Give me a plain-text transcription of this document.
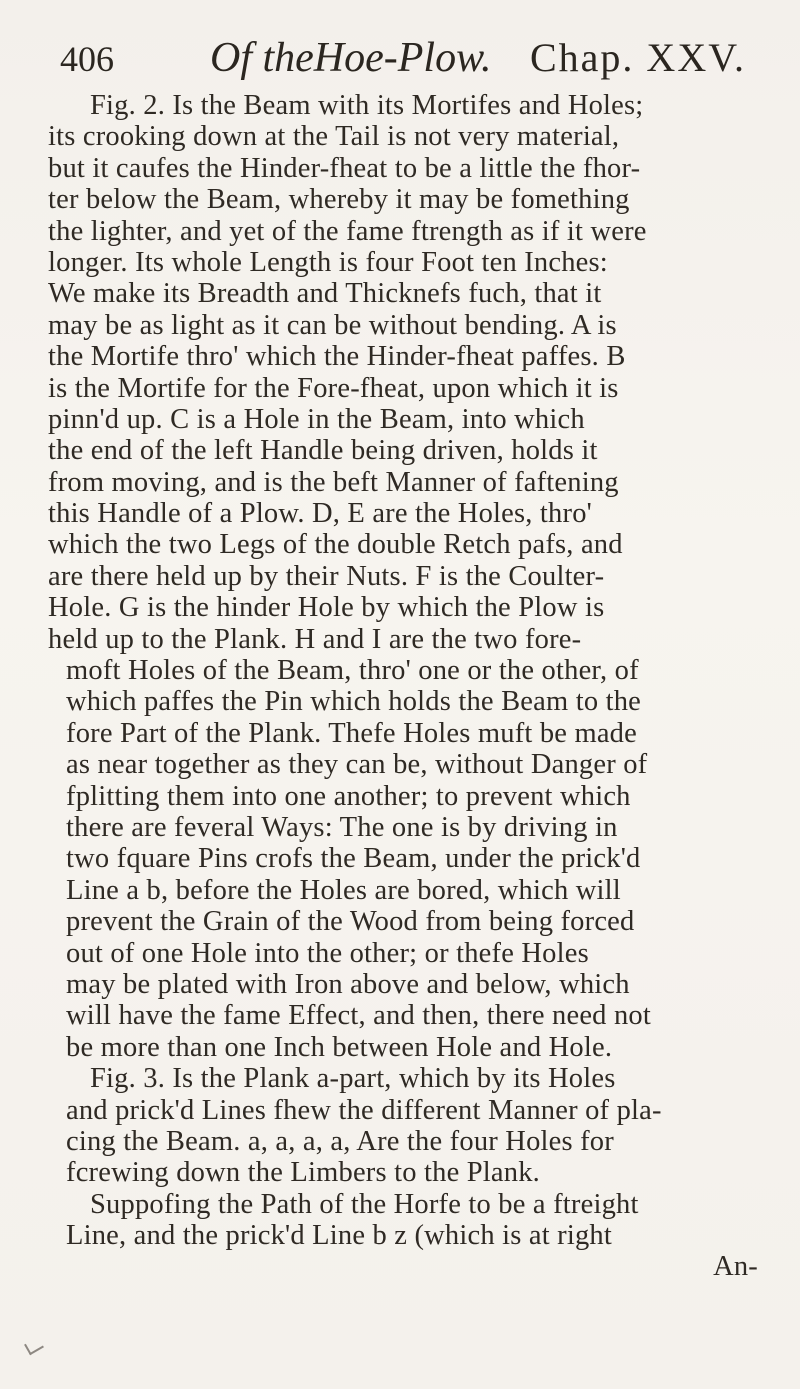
406 Of theHoe-Plow. Chap. XXV.
Fig. 2. Is the Beam with its Mortifes and Holes;
its crooking down at the Tail is not very material,
but it caufes the Hinder-fheat to be a little the fhor-
ter below the Beam, whereby it may be fomething
the lighter, and yet of the fame ftrength as if it were
longer. Its whole Length is four Foot ten Inches:
We make its Breadth and Thicknefs fuch, that it
may be as light as it can be without bending. A is
the Mortife thro' which the Hinder-fheat paffes. B
is the Mortife for the Fore-fheat, upon which it is
pinn'd up. C is a Hole in the Beam, into which
the end of the left Handle being driven, holds it
from moving, and is the beft Manner of faftening
this Handle of a Plow. D, E are the Holes, thro'
which the two Legs of the double Retch pafs, and
are there held up by their Nuts. F is the Coulter-
Hole. G is the hinder Hole by which the Plow is
held up to the Plank. H and I are the two fore-
moft Holes of the Beam, thro' one or the other, of
which paffes the Pin which holds the Beam to the
fore Part of the Plank. Thefe Holes muft be made
as near together as they can be, without Danger of
fplitting them into one another; to prevent which
there are feveral Ways: The one is by driving in
two fquare Pins crofs the Beam, under the prick'd
Line a b, before the Holes are bored, which will
prevent the Grain of the Wood from being forced
out of one Hole into the other; or thefe Holes
may be plated with Iron above and below, which
will have the fame Effect, and then, there need not
be more than one Inch between Hole and Hole.
Fig. 3. Is the Plank a-part, which by its Holes
and prick'd Lines fhew the different Manner of pla-
cing the Beam. a, a, a, a, Are the four Holes for
fcrewing down the Limbers to the Plank.
Suppofing the Path of the Horfe to be a ftreight
Line, and the prick'd Line b z (which is at right
An-
